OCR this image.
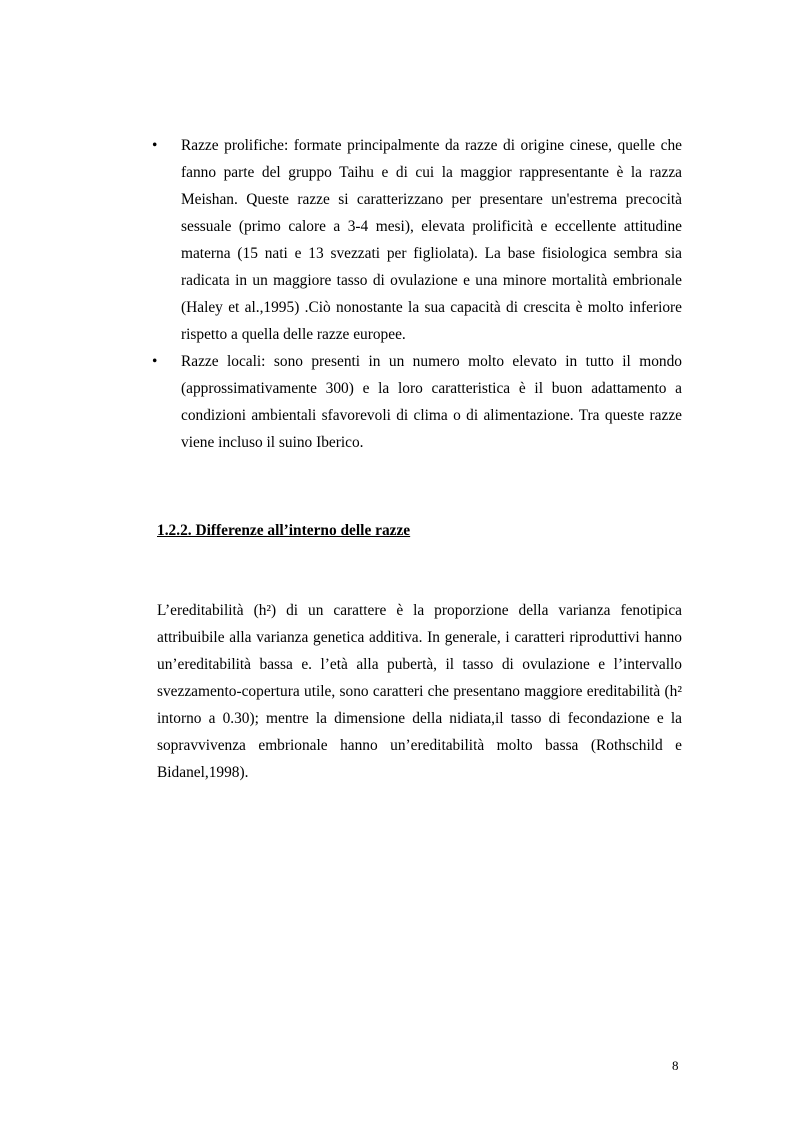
•	Razze prolifiche: formate principalmente da razze di origine cinese, quelle che fanno parte del gruppo Taihu e di cui la maggior rappresentante è la razza Meishan. Queste razze si caratterizzano per presentare un'estrema precocità sessuale (primo calore a 3-4 mesi), elevata prolificità e eccellente attitudine materna (15 nati e 13 svezzati per figliolata). La base fisiologica sembra sia radicata in un maggiore tasso di ovulazione e una minore mortalità embrionale (Haley et al.,1995) .Ciò nonostante la sua capacità di crescita è molto inferiore rispetto a quella delle razze europee.
•	Razze locali: sono presenti in un numero molto elevato in tutto il mondo (approssimativamente 300) e la loro caratteristica è il buon adattamento a condizioni ambientali sfavorevoli di clima o di alimentazione. Tra queste razze viene incluso il suino Iberico.
1.2.2. Differenze all’interno delle razze

L’ereditabilità (h²) di un carattere è la proporzione della varianza fenotipica attribuibile alla varianza genetica additiva. In generale, i caratteri riproduttivi hanno un’ereditabilità bassa e. l’età alla pubertà, il tasso di ovulazione e l’intervallo svezzamento-copertura utile, sono caratteri che presentano maggiore ereditabilità (h² intorno a 0.30); mentre la dimensione della nidiata,il tasso di fecondazione e la sopravvivenza embrionale hanno un’ereditabilità molto bassa (Rothschild e Bidanel,1998).

8
